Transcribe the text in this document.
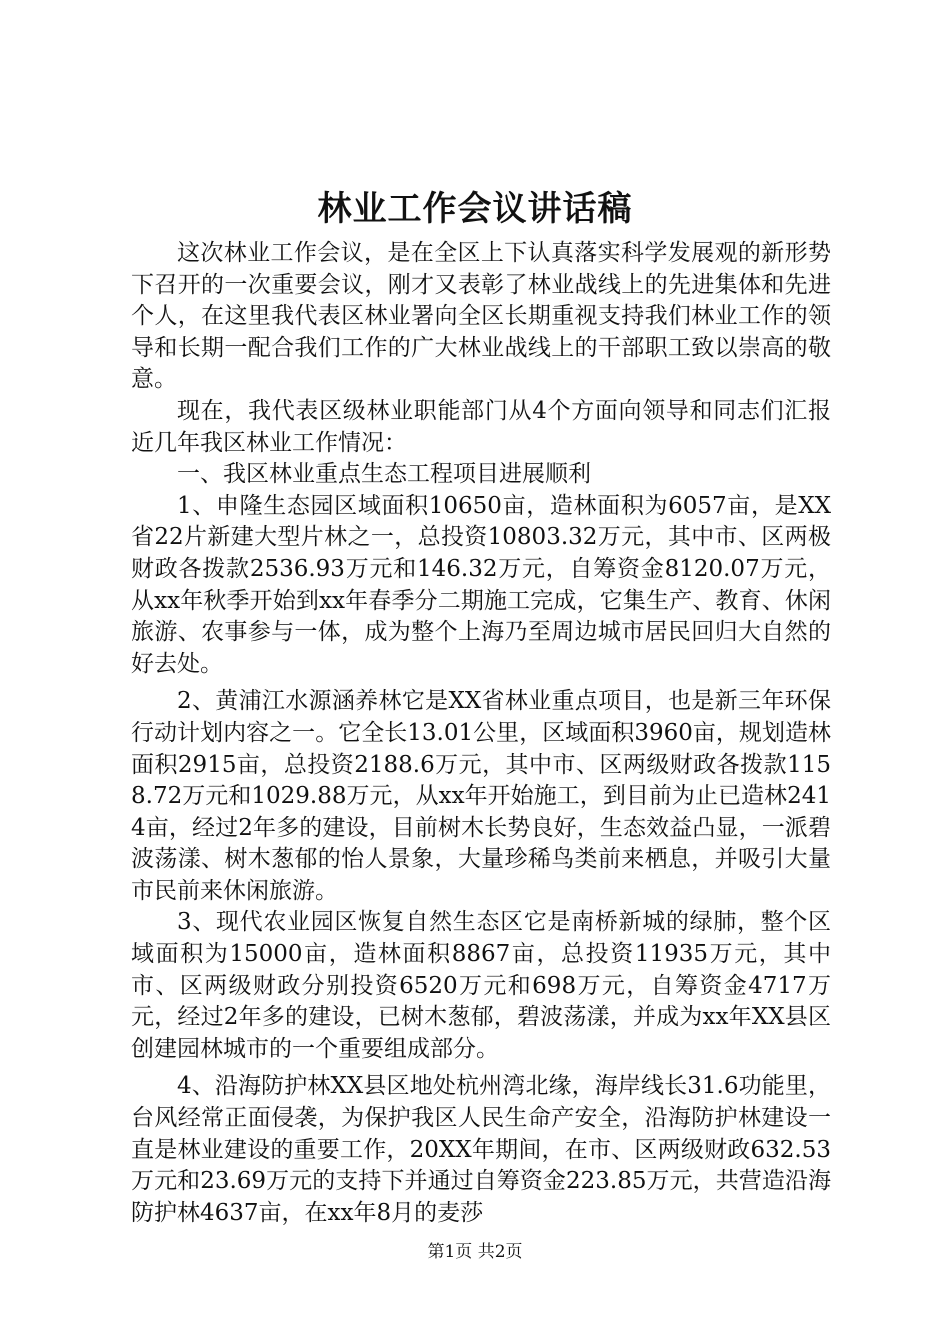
林业工作会议讲话稿

这次林业工作会议，是在全区上下认真落实科学发展观的新形势下召开的一次重要会议，刚才又表彰了林业战线上的先进集体和先进个人，在这里我代表区林业署向全区长期重视支持我们林业工作的领导和长期一配合我们工作的广大林业战线上的干部职工致以崇高的敬意。

现在，我代表区级林业职能部门从4个方面向领导和同志们汇报近几年我区林业工作情况：

一、我区林业重点生态工程项目进展顺利

1、申隆生态园区域面积10650亩，造林面积为6057亩，是XX省22片新建大型片林之一，总投资10803.32万元，其中市、区两极财政各拨款2536.93万元和146.32万元，自筹资金8120.07万元，从xx年秋季开始到xx年春季分二期施工完成，它集生产、教育、休闲旅游、农事参与一体，成为整个上海乃至周边城市居民回归大自然的好去处。

2、黄浦江水源涵养林它是XX省林业重点项目，也是新三年环保行动计划内容之一。它全长13.01公里，区域面积3960亩，规划造林面积2915亩，总投资2188.6万元，其中市、区两级财政各拨款1158.72万元和1029.88万元，从xx年开始施工，到目前为止已造林2414亩，经过2年多的建设，目前树木长势良好，生态效益凸显，一派碧波荡漾、树木葱郁的怡人景象，大量珍稀鸟类前来栖息，并吸引大量市民前来休闲旅游。

3、现代农业园区恢复自然生态区它是南桥新城的绿肺，整个区域面积为15000亩，造林面积8867亩，总投资11935万元，其中市、区两级财政分别投资6520万元和698万元，自筹资金4717万元，经过2年多的建设，已树木葱郁，碧波荡漾，并成为xx年XX县区创建园林城市的一个重要组成部分。

4、沿海防护林XX县区地处杭州湾北缘，海岸线长31.6功能里，台风经常正面侵袭，为保护我区人民生命产安全，沿海防护林建设一直是林业建设的重要工作，20XX年期间，在市、区两级财政632.53万元和23.69万元的支持下并通过自筹资金223.85万元，共营造沿海防护林4637亩，在xx年8月的麦莎

第1页 共2页
